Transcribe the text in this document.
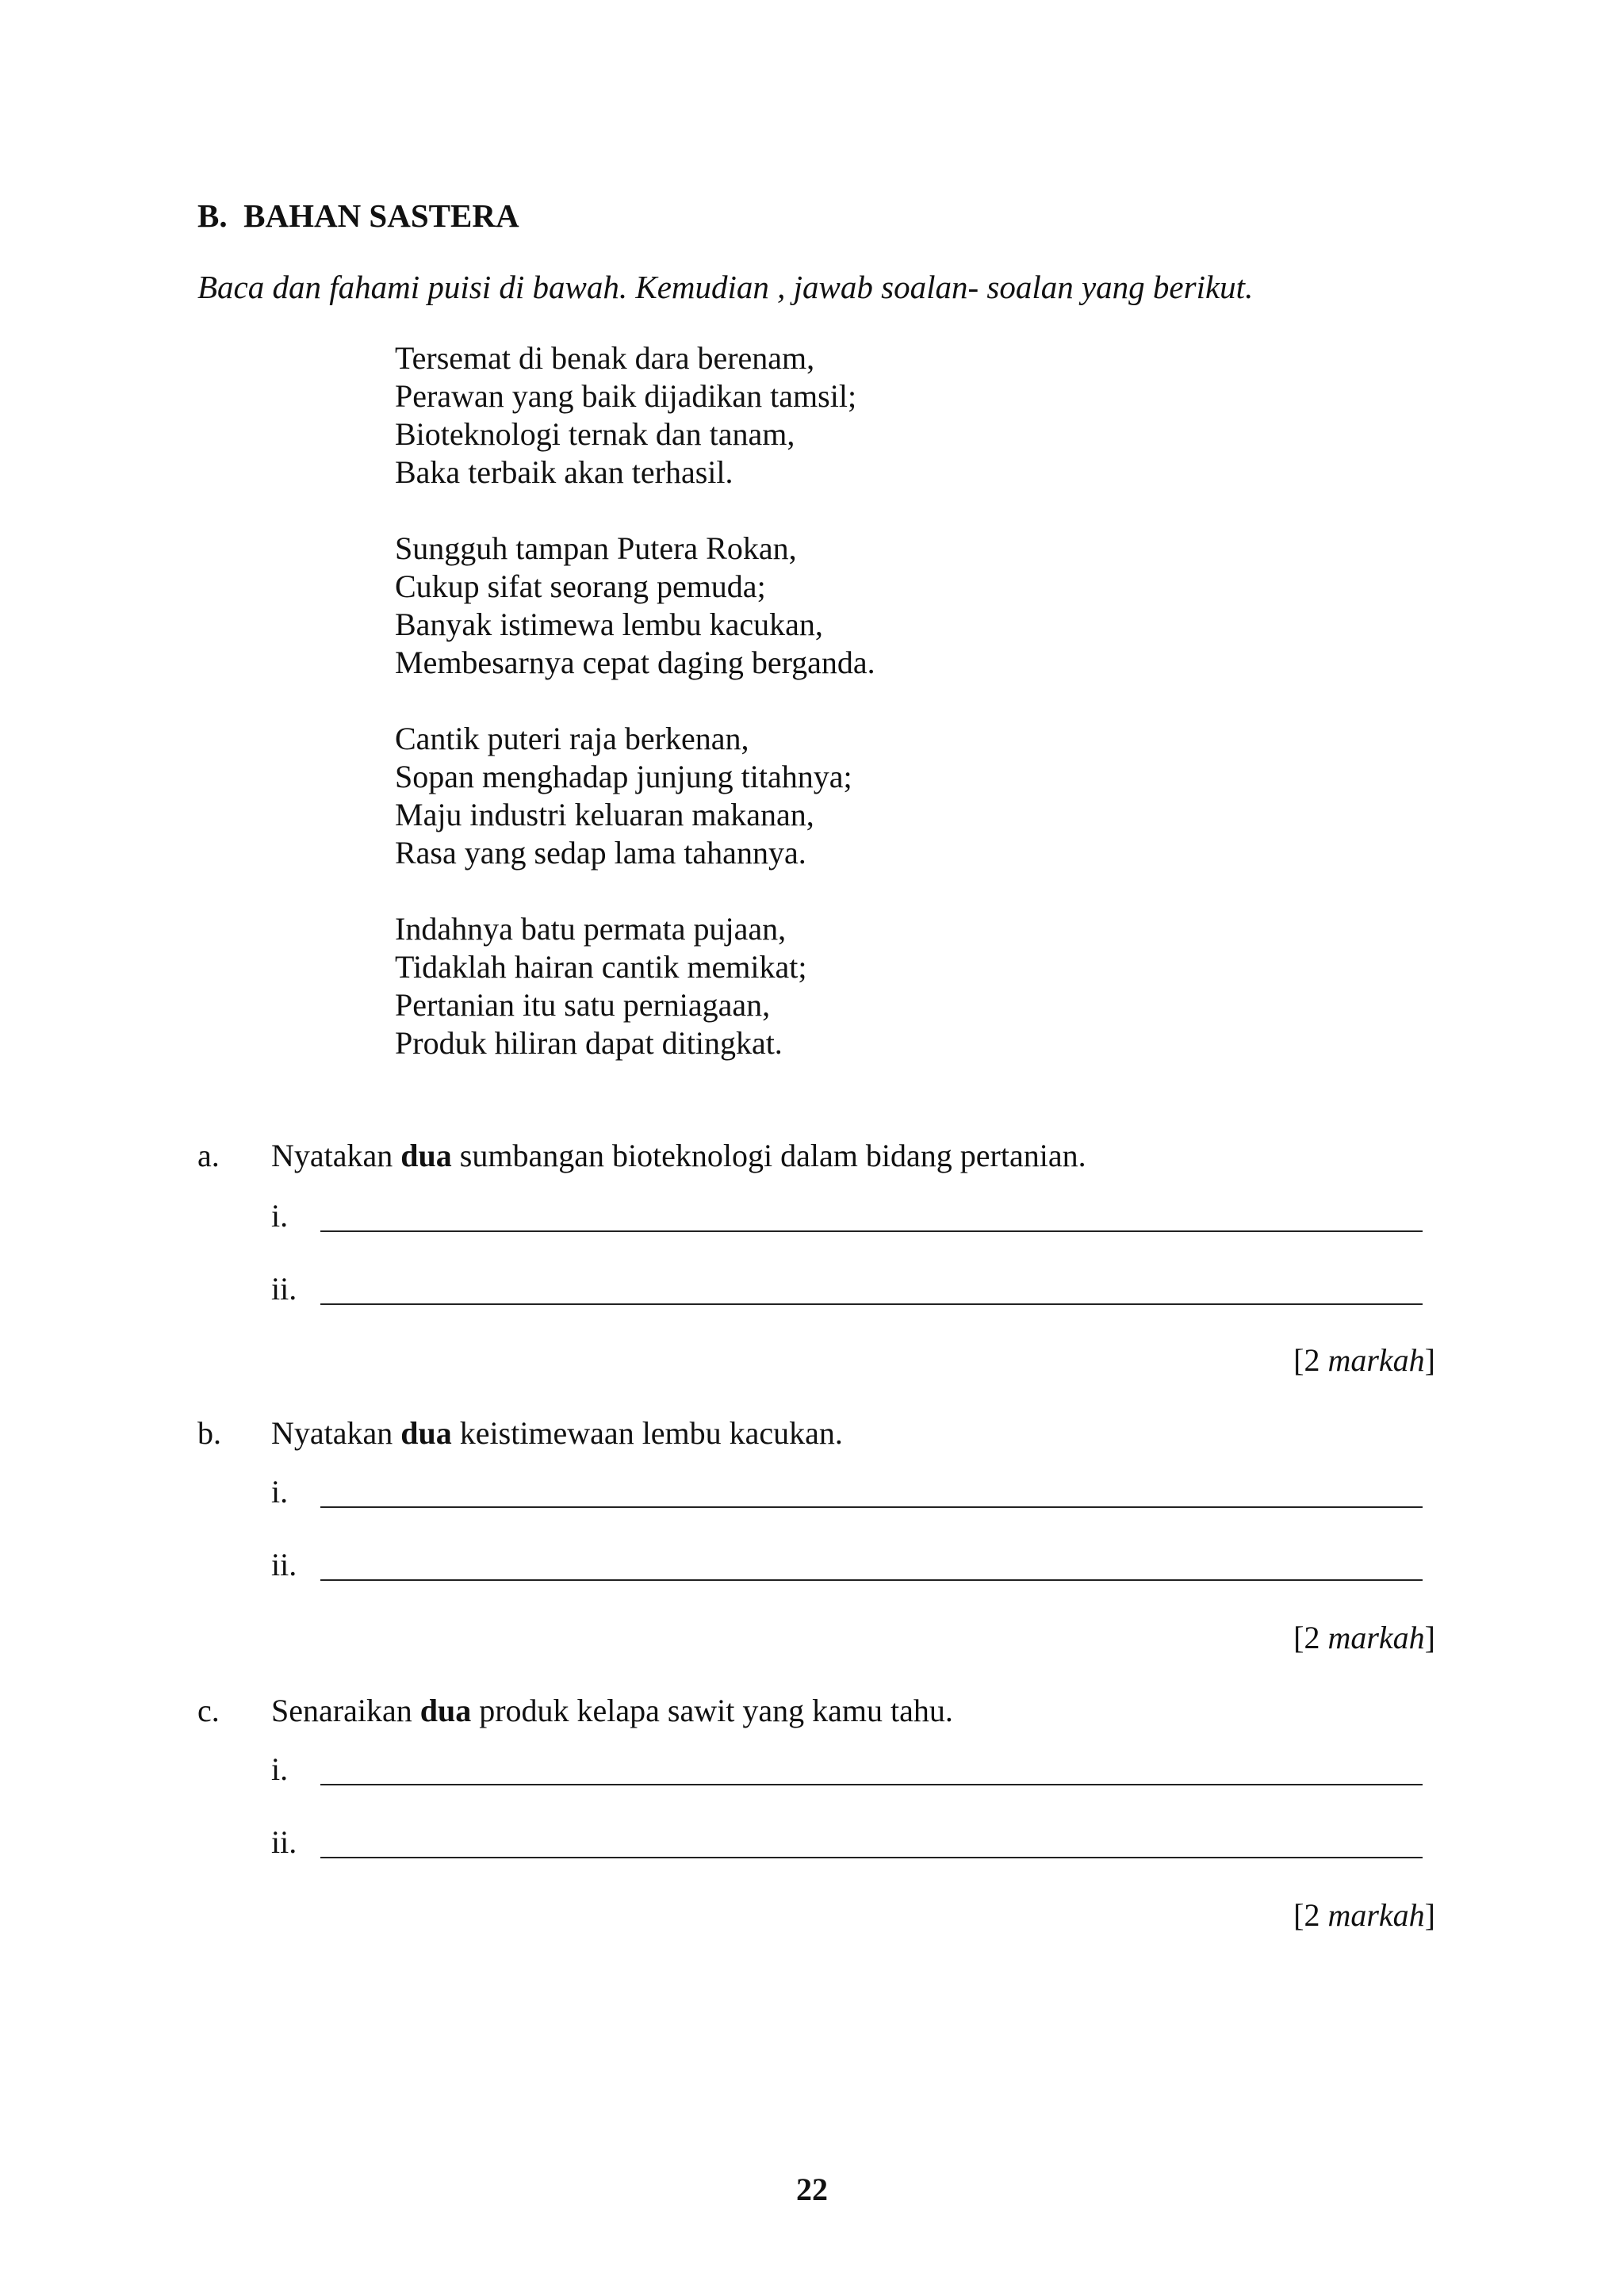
B. BAHAN SASTERA
Baca dan fahami puisi di bawah. Kemudian , jawab soalan- soalan yang berikut.
Tersemat di benak dara berenam,
Perawan yang baik dijadikan tamsil;
Bioteknologi ternak dan tanam,
Baka terbaik akan terhasil.
Sungguh tampan Putera Rokan,
Cukup sifat seorang pemuda;
Banyak istimewa lembu kacukan,
Membesarnya cepat daging berganda.
Cantik puteri raja berkenan,
Sopan menghadap junjung titahnya;
Maju industri keluaran makanan,
Rasa yang sedap lama tahannya.
Indahnya batu permata pujaan,
Tidaklah hairan cantik memikat;
Pertanian itu satu perniagaan,
Produk hiliran dapat ditingkat.
a. Nyatakan dua sumbangan bioteknologi dalam bidang pertanian.
i.
ii.
[2 markah]
b. Nyatakan dua keistimewaan lembu kacukan.
i.
ii.
[2 markah]
c. Senaraikan dua produk kelapa sawit yang kamu tahu.
i.
ii.
[2 markah]
22
